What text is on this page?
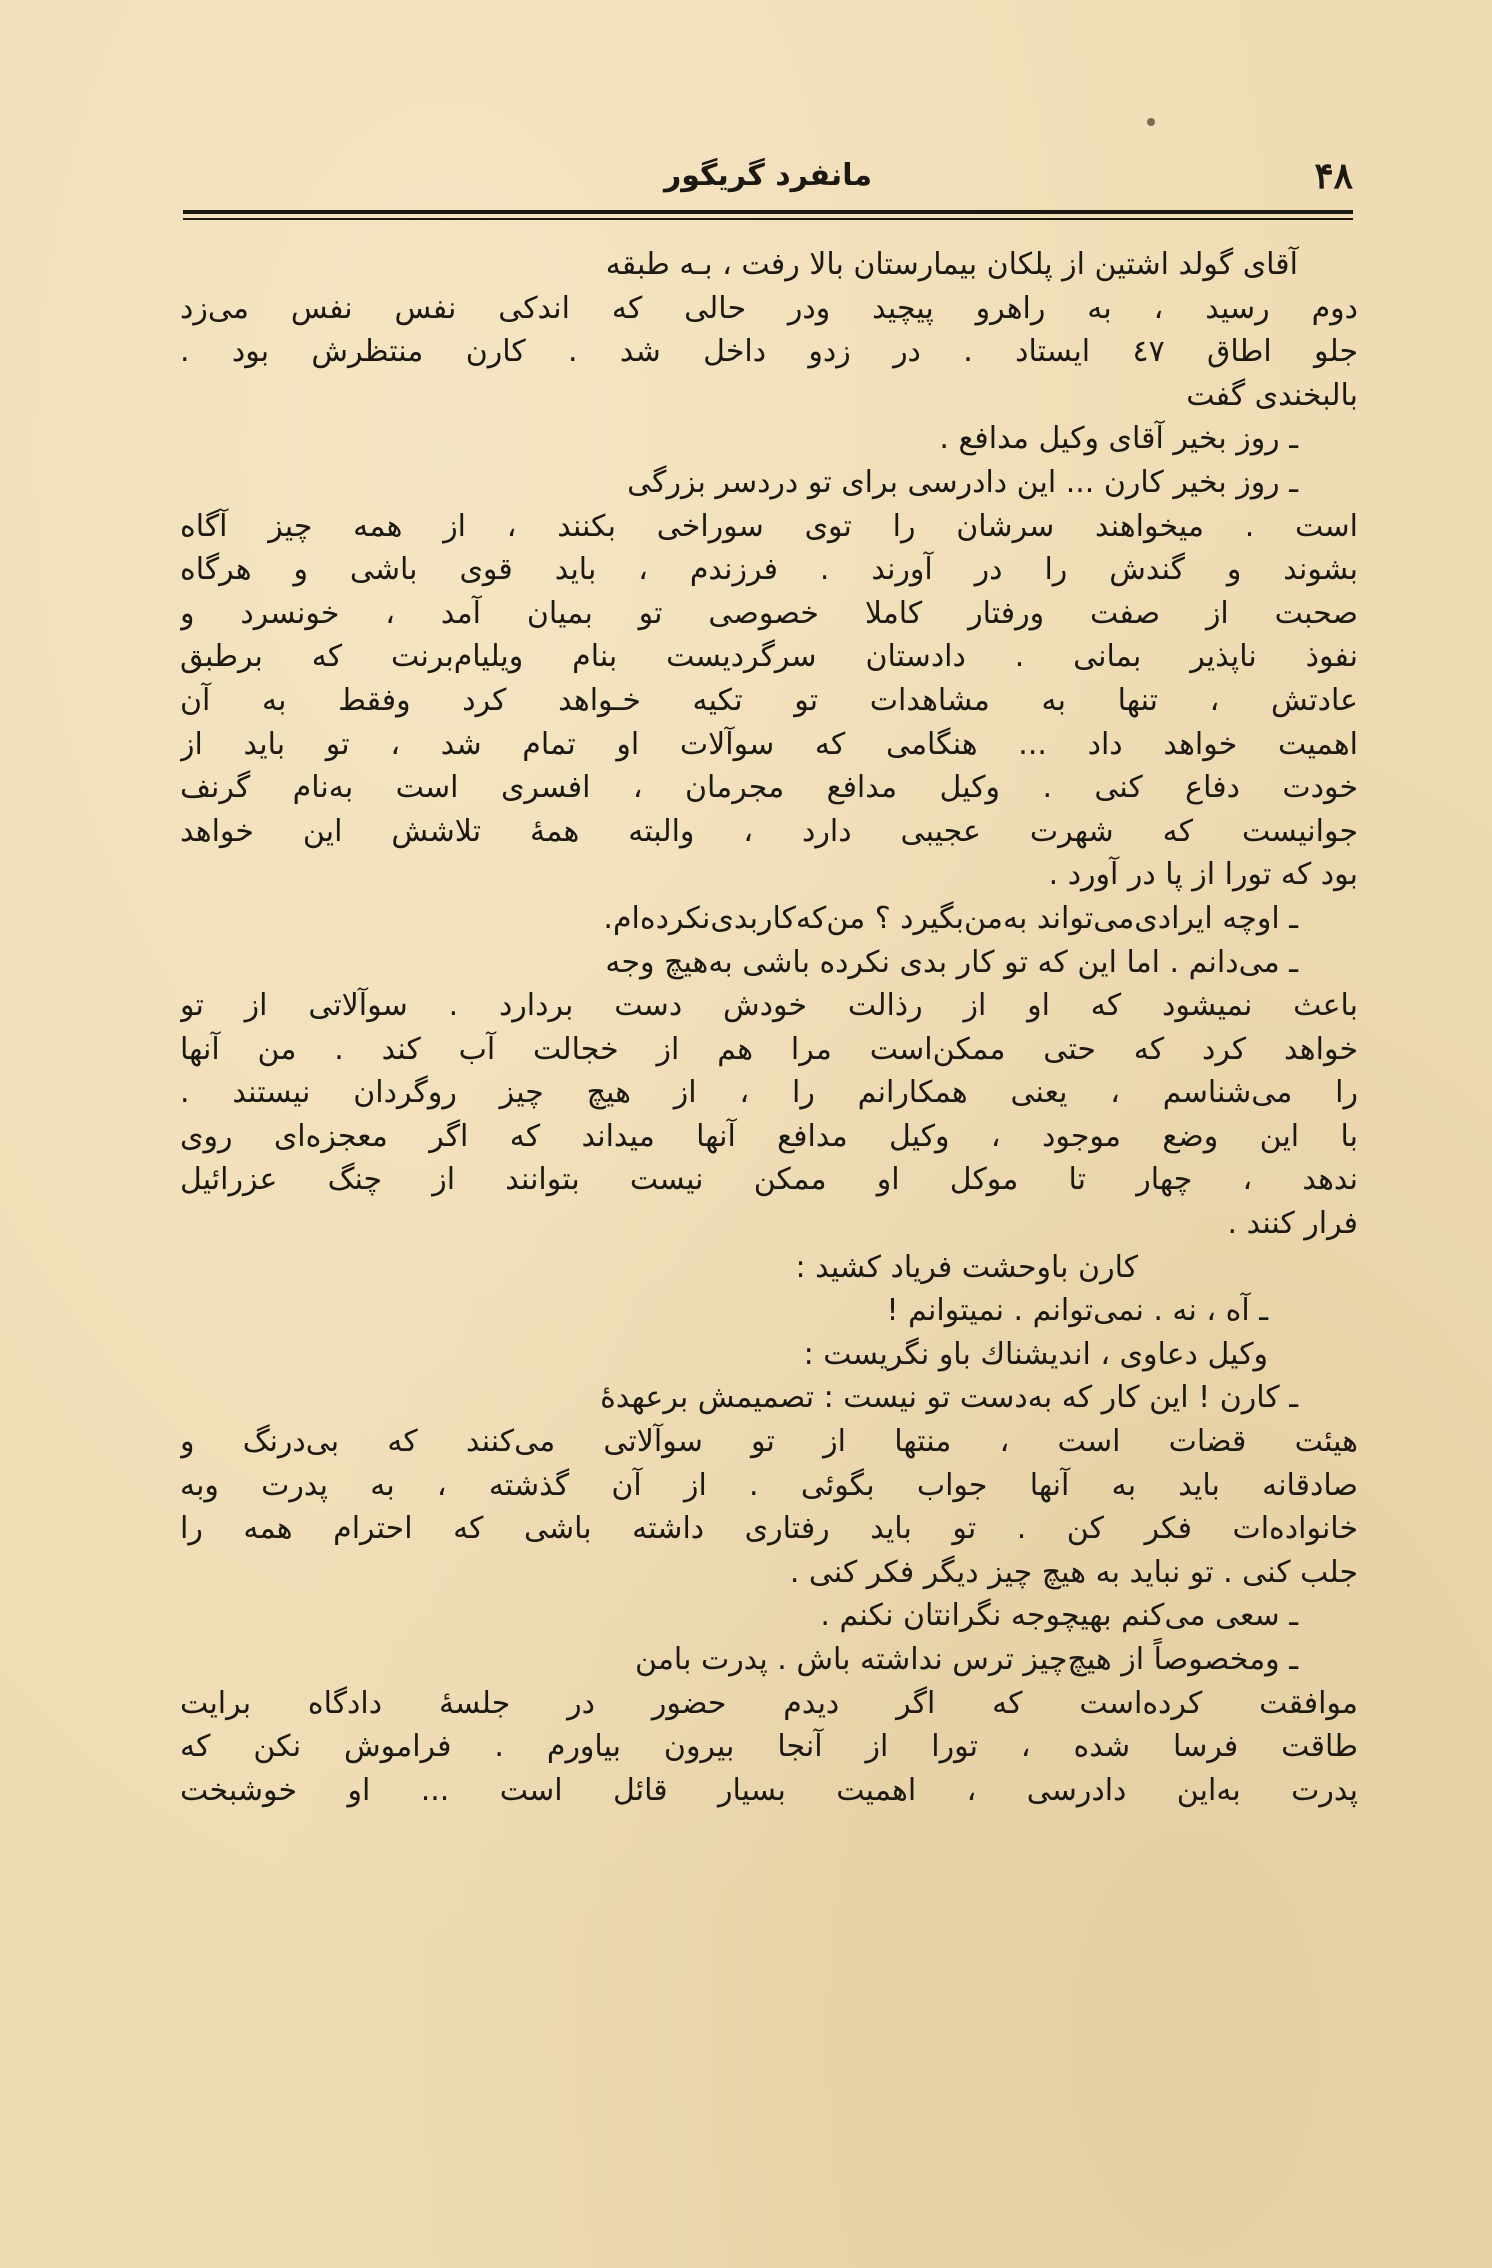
۴۸
مانفرد گریگور
آقای گولد اشتین از پلکان بیمارستان بالا رفت ، بـه طبقه
دوم رسید ، به راهرو پیچید ودر حالی که اندکی نفس نفس می‌زد
جلو اطاق ٤٧ ایستاد . در زدو داخل شد . کارن منتظرش بود .
بالبخندی گفت
ـ روز بخیر آقای وکیل مدافع .
ـ روز بخیر کارن ... این دادرسی برای تو دردسر بزرگی
است . میخواهند سرشان را توی سوراخی بکنند ، از همه چیز آگاه
بشوند و گندش را در آورند . فرزندم ، باید قوی باشی و هرگاه
صحبت از صفت ورفتار کاملا خصوصی تو بمیان آمد ، خونسرد و
نفوذ ناپذیر بمانی . دادستان سرگردیست بنام ویلیام‌برنت که برطبق
عادتش ، تنها به مشاهدات تو تکیه خـواهد کرد وفقط به آن
اهمیت خواهد داد ... هنگامی که سوآلات او تمام شد ، تو باید از
خودت دفاع کنی . وکیل مدافع مجرمان ، افسری است به‌نام گرنف
جوانیست که شهرت عجیبی دارد ، والبته همهٔ تلاشش این خواهد
بود که تورا از پا در آورد .
ـ اوچه ایرادی‌می‌تواند به‌من‌بگیرد ؟ من‌که‌کاربدی‌نکرده‌ام.
ـ می‌دانم . اما این که تو کار بدی نکرده باشی به‌هیچ وجه
باعث نمیشود که او از رذالت خودش دست بردارد . سوآلاتی از تو
خواهد کرد که حتی ممکن‌است مرا هم از خجالت آب کند . من آنها
را می‌شناسم ، یعنی همکارانم را ، از هیچ چیز روگردان نیستند .
با این وضع موجود ، وکیل مدافع آنها میداند که اگر معجزه‌ای روی
ندهد ، چهار تا موکل او ممکن نیست بتوانند از چنگ عزرائیل
فرار کنند .
کارن باوحشت فریاد کشید :
ـ آه ، نه . نمی‌توانم . نمیتوانم !
وکیل دعاوی ، اندیشناك باو نگریست :
ـ کارن ! این کار که به‌دست تو نیست : تصمیمش برعهدهٔ
هیئت قضات است ، منتها از تو سوآلاتی می‌کنند که بی‌درنگ و
صادقانه باید به آنها جواب بگوئی . از آن گذشته ، به پدرت وبه
خانواده‌ات فکر کن . تو باید رفتاری داشته باشی که احترام همه را
جلب کنی . تو نباید به هیچ چیز دیگر فکر کنی .
ـ سعی می‌کنم بهیچوجه نگرانتان نکنم .
ـ ومخصوصاً از هیچ‌چیز ترس نداشته باش . پدرت بامن
موافقت کرده‌است که اگر دیدم حضور در جلسهٔ دادگاه برایت
طاقت فرسا شده ، تورا از آنجا بیرون بیاورم . فراموش نکن که
پدرت به‌این دادرسی ، اهمیت بسیار قائل است ... او خوشبخت
